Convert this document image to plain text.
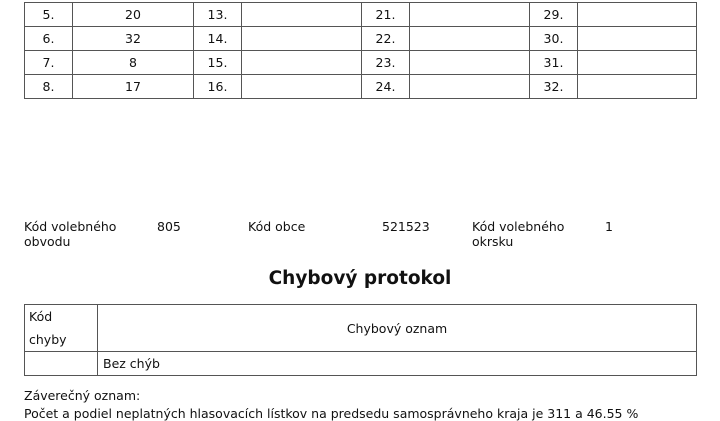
5.	20	13.		21.		29.	
6.	32	14.		22.		30.	
7.	8	15.		23.		31.	
8.	17	16.		24.		32.	
Kód volebného obvodu
805	Kód obce	521523	Kód volebného okrsku
1
Chybový protokol
Kód chyby	Chybový oznam
	Bez chýb
Záverečný oznam:
Počet a podiel neplatných hlasovacích lístkov na predsedu samosprávneho kraja je 311 a 46.55 %
